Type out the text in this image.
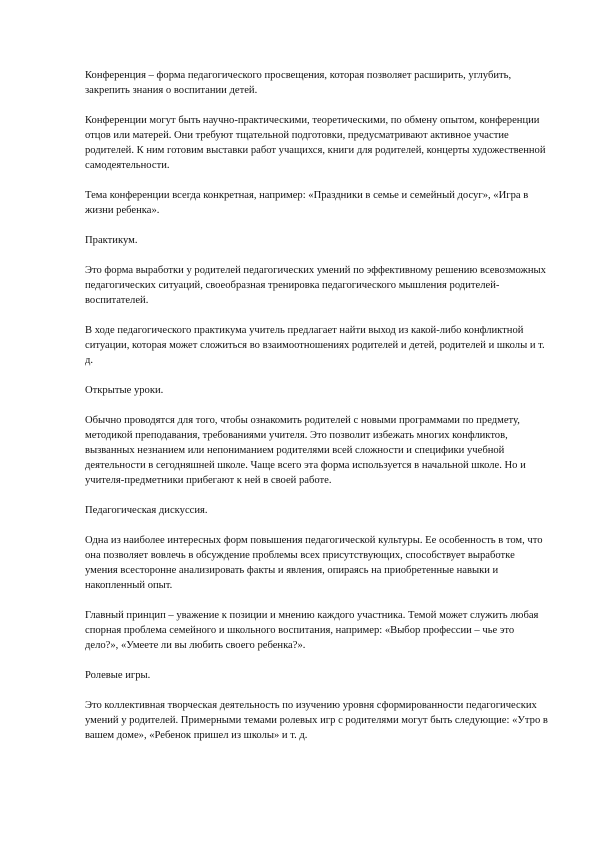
Конференция – форма педагогического просвещения, которая позволяет расширить, углубить, закрепить знания о воспитании детей.

Конференции могут быть научно-практическими, теоретическими, по обмену опытом, конференции отцов или матерей. Они требуют тщательной подготовки, предусматривают активное участие родителей. К ним готовим выставки работ учащихся, книги для родителей, концерты художественной самодеятельности.

Тема конференции всегда конкретная, например: «Праздники в семье и семейный досуг», «Игра в жизни ребенка».

Практикум.

Это форма выработки у родителей педагогических умений по эффективному решению всевозможных педагогических ситуаций, своеобразная тренировка педагогического мышления родителей-воспитателей.

В ходе педагогического практикума учитель предлагает найти выход из какой-либо конфликтной ситуации, которая может сложиться во взаимоотношениях родителей и детей, родителей и школы и т. д.

Открытые уроки.

Обычно проводятся для того, чтобы ознакомить родителей с новыми программами по предмету, методикой преподавания, требованиями учителя. Это позволит избежать многих конфликтов, вызванных незнанием или непониманием родителями всей сложности и специфики учебной деятельности в сегодняшней школе. Чаще всего эта форма используется в начальной школе. Но и учителя-предметники прибегают к ней в своей работе.

Педагогическая дискуссия.

Одна из наиболее интересных форм повышения педагогической культуры. Ее особенность в том, что она позволяет вовлечь в обсуждение проблемы всех присутствующих, способствует выработке умения всесторонне анализировать факты и явления, опираясь на приобретенные навыки и накопленный опыт.

Главный принцип – уважение к позиции и мнению каждого участника. Темой может служить любая спорная проблема семейного и школьного воспитания, например: «Выбор профессии – чье это дело?», «Умеете ли вы любить своего ребенка?».

Ролевые игры.

Это коллективная творческая деятельность по изучению уровня сформированности педагогических умений у родителей. Примерными темами ролевых игр с родителями могут быть следующие: «Утро в вашем доме», «Ребенок пришел из школы» и т. д.
